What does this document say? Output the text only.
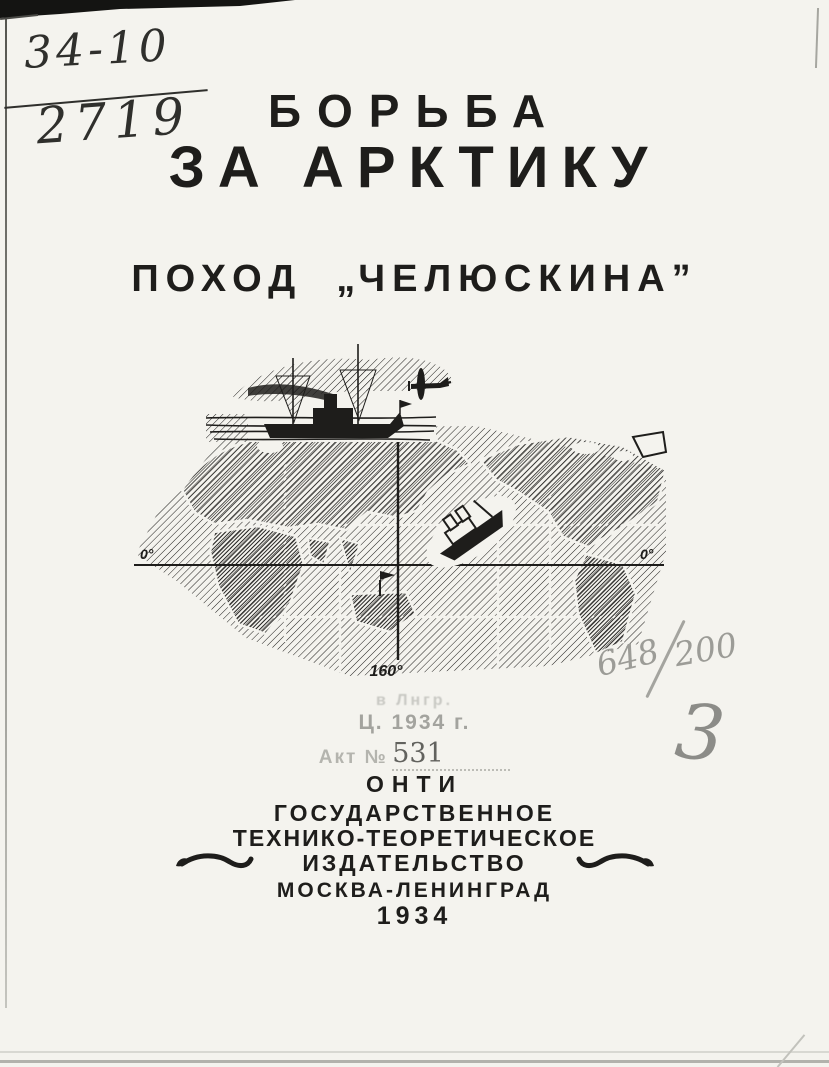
34-10
2719	БОРЬБА
ЗА АРКТИКУ
ПОХОД „ЧЕЛЮСКИНА”
0°	0°
160°	648 200
3
в Лнгр.
Ц. 1934 г.
Акт № 531
ОНТИ
ГОСУДАРСТВЕННОЕ
ТЕХНИКО-ТЕОРЕТИЧЕСКОЕ
ИЗДАТЕЛЬСТВО
МОСКВА-ЛЕНИНГРАД
1934
